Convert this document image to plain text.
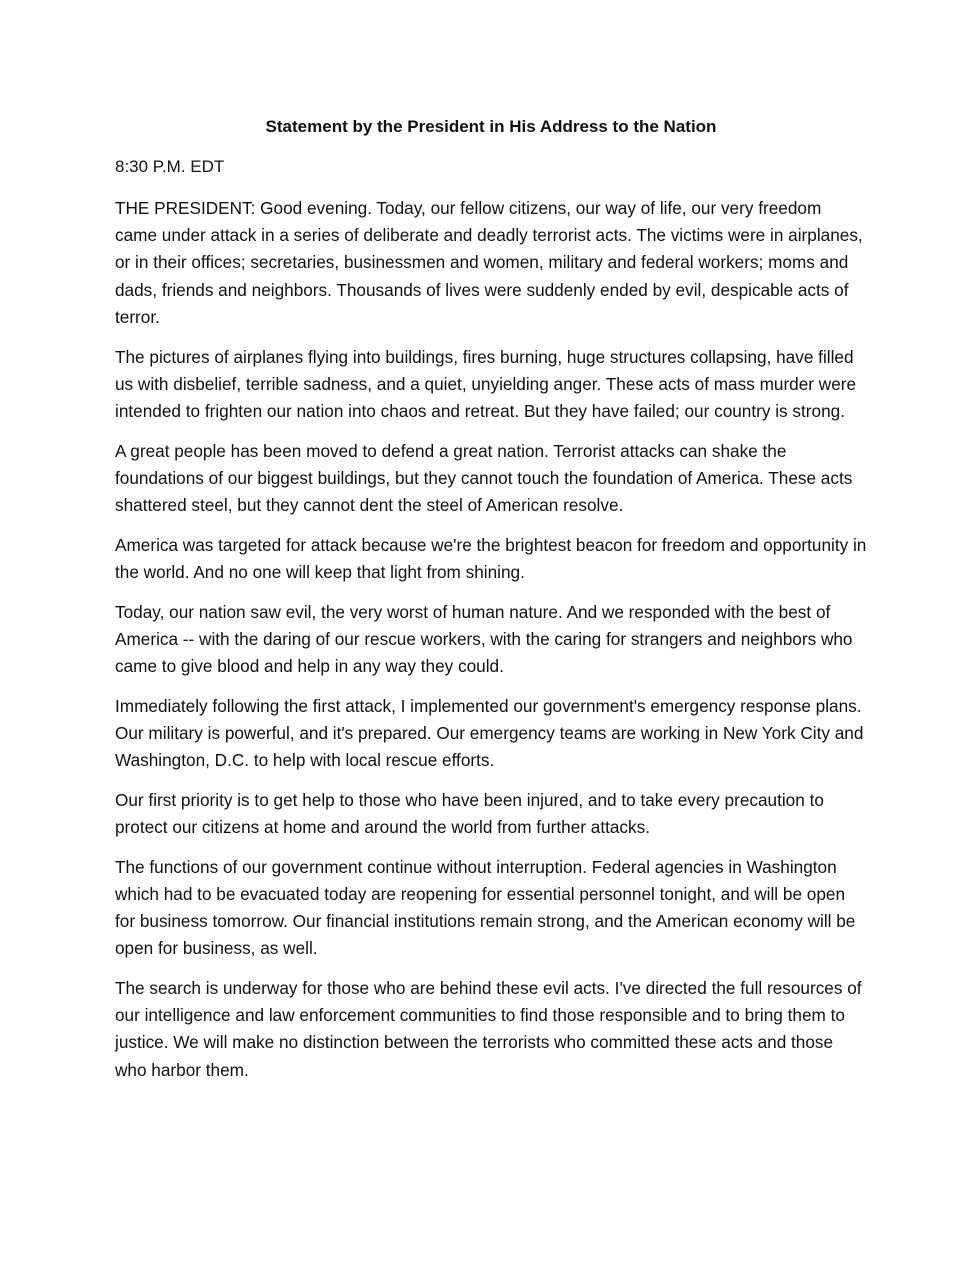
Statement by the President in His Address to the Nation
8:30 P.M. EDT

THE PRESIDENT: Good evening. Today, our fellow citizens, our way of life, our very freedom came under attack in a series of deliberate and deadly terrorist acts. The victims were in airplanes, or in their offices; secretaries, businessmen and women, military and federal workers; moms and dads, friends and neighbors. Thousands of lives were suddenly ended by evil, despicable acts of terror.

The pictures of airplanes flying into buildings, fires burning, huge structures collapsing, have filled us with disbelief, terrible sadness, and a quiet, unyielding anger. These acts of mass murder were intended to frighten our nation into chaos and retreat. But they have failed; our country is strong.

A great people has been moved to defend a great nation. Terrorist attacks can shake the foundations of our biggest buildings, but they cannot touch the foundation of America. These acts shattered steel, but they cannot dent the steel of American resolve.

America was targeted for attack because we're the brightest beacon for freedom and opportunity in the world. And no one will keep that light from shining.

Today, our nation saw evil, the very worst of human nature. And we responded with the best of America -- with the daring of our rescue workers, with the caring for strangers and neighbors who came to give blood and help in any way they could.

Immediately following the first attack, I implemented our government's emergency response plans. Our military is powerful, and it's prepared. Our emergency teams are working in New York City and Washington, D.C. to help with local rescue efforts.

Our first priority is to get help to those who have been injured, and to take every precaution to protect our citizens at home and around the world from further attacks.

The functions of our government continue without interruption. Federal agencies in Washington which had to be evacuated today are reopening for essential personnel tonight, and will be open for business tomorrow. Our financial institutions remain strong, and the American economy will be open for business, as well.

The search is underway for those who are behind these evil acts. I've directed the full resources of our intelligence and law enforcement communities to find those responsible and to bring them to justice. We will make no distinction between the terrorists who committed these acts and those who harbor them.
